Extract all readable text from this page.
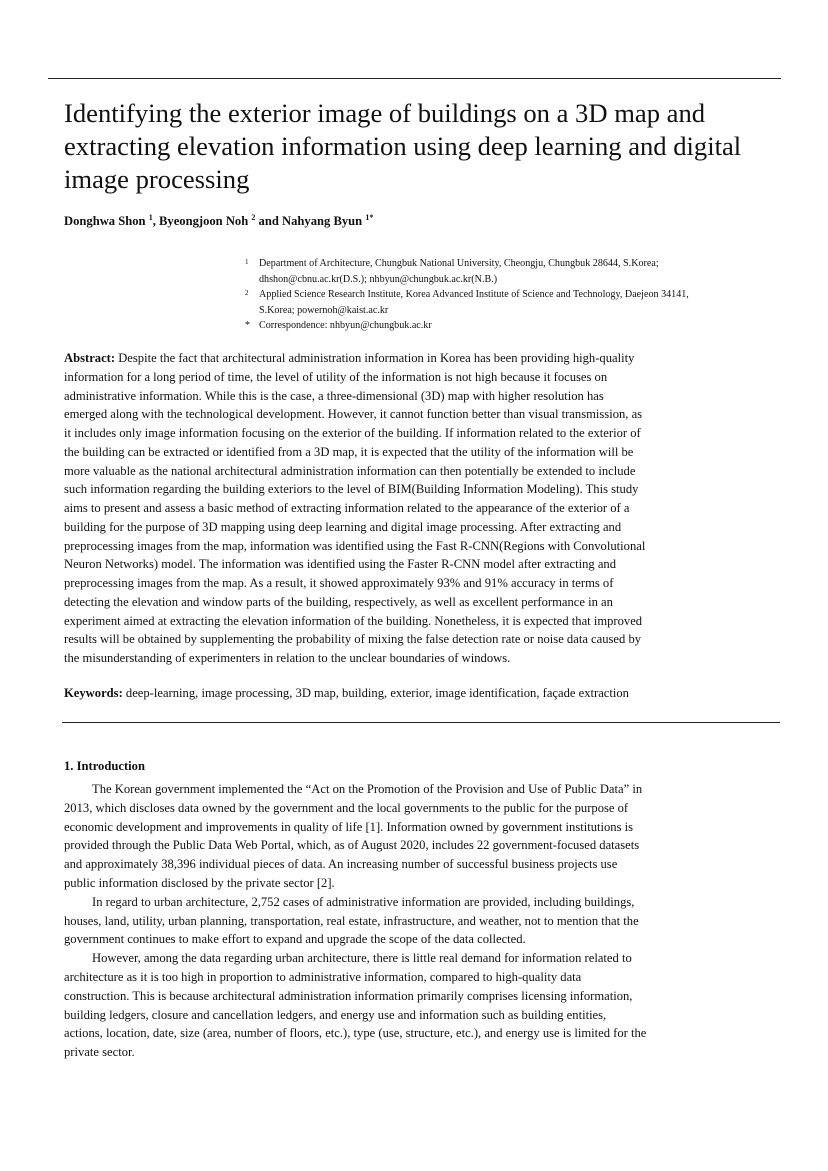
Identifying the exterior image of buildings on a 3D map and extracting elevation information using deep learning and digital image processing

Donghwa Shon $^1$, Byeongjoon Noh $^2$ and Nahyang Byun $^{1*}$

1 Department of Architecture, Chungbuk National University, Cheongju, Chungbuk 28644, S.Korea;
dhshon@cbnu.ac.kr(D.S.); nhbyun@chungbuk.ac.kr(N.B.)
2 Applied Science Research Institute, Korea Advanced Institute of Science and Technology, Daejeon 34141,
S.Korea; powernoh@kaist.ac.kr
* Correspondence: nhbyun@chungbuk.ac.kr
Abstract: Despite the fact that architectural administration information in Korea has been providing high-quality
information for a long period of time, the level of utility of the information is not high because it focuses on
administrative information. While this is the case, a three-dimensional (3D) map with higher resolution has
emerged along with the technological development. However, it cannot function better than visual transmission, as
it includes only image information focusing on the exterior of the building. If information related to the exterior of
the building can be extracted or identified from a 3D map, it is expected that the utility of the information will be
more valuable as the national architectural administration information can then potentially be extended to include
such information regarding the building exteriors to the level of BIM(Building Information Modeling). This study
aims to present and assess a basic method of extracting information related to the appearance of the exterior of a
building for the purpose of 3D mapping using deep learning and digital image processing. After extracting and
preprocessing images from the map, information was identified using the Fast R-CNN(Regions with Convolutional
Neuron Networks) model. The information was identified using the Faster R-CNN model after extracting and
preprocessing images from the map. As a result, it showed approximately 93% and 91% accuracy in terms of
detecting the elevation and window parts of the building, respectively, as well as excellent performance in an
experiment aimed at extracting the elevation information of the building. Nonetheless, it is expected that improved
results will be obtained by supplementing the probability of mixing the false detection rate or noise data caused by
the misunderstanding of experimenters in relation to the unclear boundaries of windows.

Keywords: deep-learning, image processing, 3D map, building, exterior, image identification, façade extraction

1. Introduction

The Korean government implemented the “Act on the Promotion of the Provision and Use of Public Data” in
2013, which discloses data owned by the government and the local governments to the public for the purpose of
economic development and improvements in quality of life [1]. Information owned by government institutions is
provided through the Public Data Web Portal, which, as of August 2020, includes 22 government-focused datasets
and approximately 38,396 individual pieces of data. An increasing number of successful business projects use
public information disclosed by the private sector [2].

In regard to urban architecture, 2,752 cases of administrative information are provided, including buildings,
houses, land, utility, urban planning, transportation, real estate, infrastructure, and weather, not to mention that the
government continues to make effort to expand and upgrade the scope of the data collected.

However, among the data regarding urban architecture, there is little real demand for information related to
architecture as it is too high in proportion to administrative information, compared to high-quality data
construction. This is because architectural administration information primarily comprises licensing information,
building ledgers, closure and cancellation ledgers, and energy use and information such as building entities,
actions, location, date, size (area, number of floors, etc.), type (use, structure, etc.), and energy use is limited for the
private sector.
